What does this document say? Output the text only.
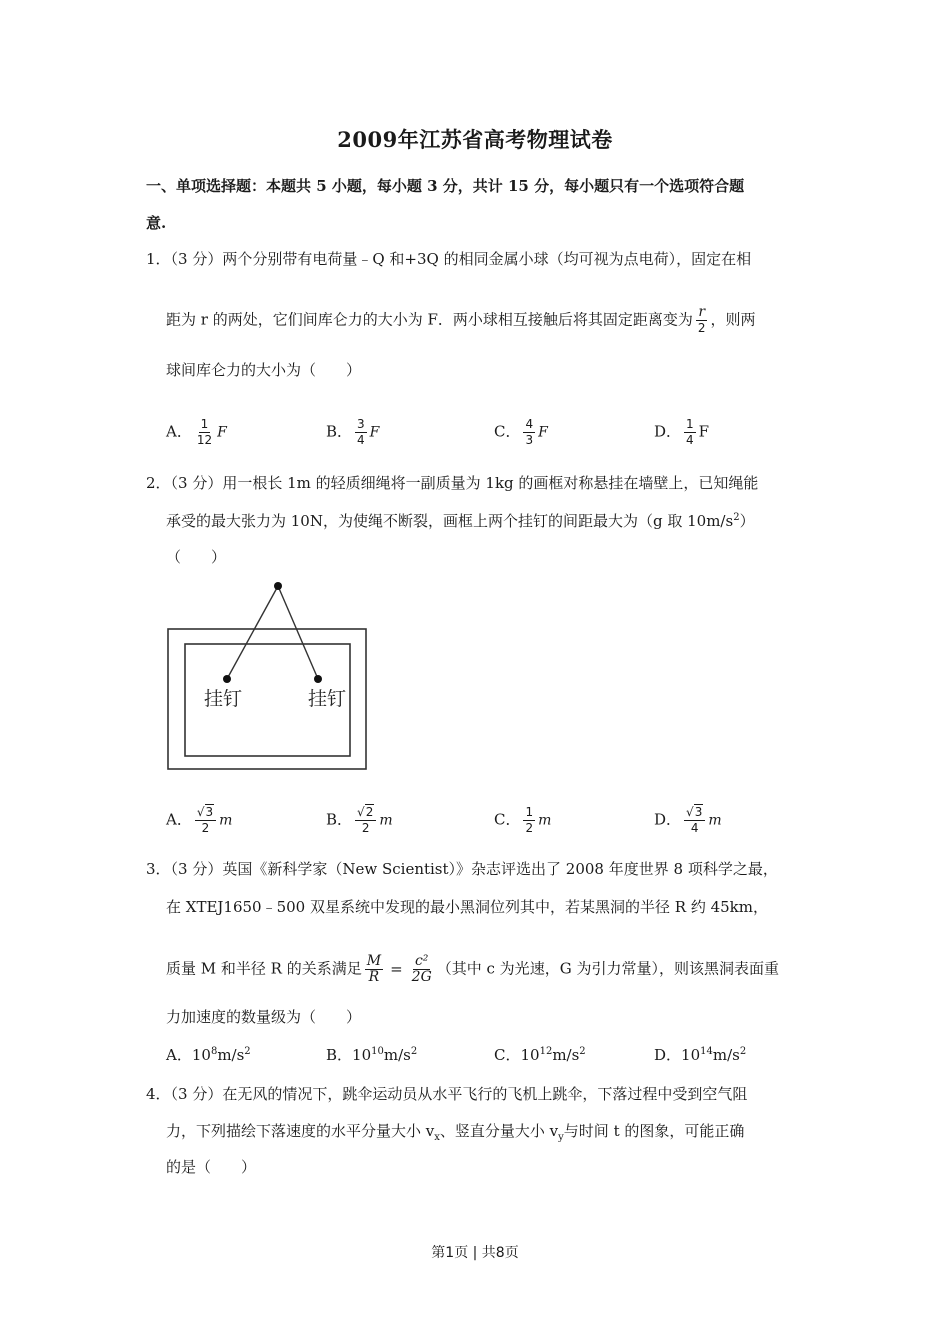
2009年江苏省高考物理试卷
一、单项选择题：本题共 5 小题，每小题 3 分，共计 15 分，每小题只有一个选项符合题
意.
1．（3 分）两个分别带有电荷量﹣Q 和+3Q 的相同金属小球（均可视为点电荷），固定在相
距为 r 的两处，它们间库仑力的大小为 F．两小球相互接触后将其固定距离变为 $\frac{r}{2}$ ，则两
球间库仑力的大小为（　　）
A． $\frac{1}{12}$ F	B． $\frac{3}{4}$ F	C． $\frac{4}{3}$ F	D． $\frac{1}{4}$ F
2．（3 分）用一根长 1m 的轻质细绳将一副质量为 1kg 的画框对称悬挂在墙壁上，已知绳能
承受的最大张力为 10N，为使绳不断裂，画框上两个挂钉的间距最大为（g 取 $10m/s^2$）
（　　）
挂钉	挂钉
A． $\frac{√3}{2}$ m	B． $\frac{√2}{2}$ m	C． $\frac{1}{2}$ m	D． $\frac{√3}{4}$ m
3．（3 分）英国《新科学家（New Scientist）》杂志评选出了 2008 年度世界 8 项科学之最，
在 XTEJ1650﹣500 双星系统中发现的最小黑洞位列其中，若某黑洞的半径 R 约 45km，
质量 M 和半径 R 的关系满足 $\frac{M}{R} = \frac{\text{c²}}{2G}$ （其中 c 为光速，G 为引力常量），则该黑洞表面重
力加速度的数量级为（　　）
A．$10^8m/s^2$	B．$10^{10}m/s^2$	C．$10^{12}m/s^2$	D．$10^{14}m/s^2$
4．（3 分）在无风的情况下，跳伞运动员从水平飞行的飞机上跳伞，下落过程中受到空气阻
力，下列描绘下落速度的水平分量大小 $v_x$、竖直分量大小 $v_y$与时间 t 的图象，可能正确
的是（　　）
第1页 | 共8页
